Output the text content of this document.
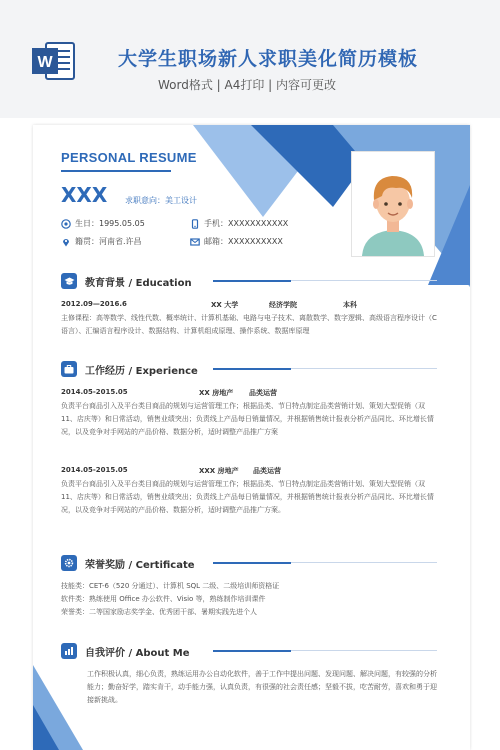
W	大学生职场新人求职美化简历模板
Word格式 | A4打印 | 内容可更改
PERSONAL RESUME
XXX 求职意向：美工设计
生日：1995.05.05	手机：XXXXXXXXXXX
籍贯：河南省.许昌	邮箱：XXXXXXXXXX
教育背景 / Education
2012.09—2016.6	XX 大学	经济学院	本科
主修课程：高等数学、线性代数、概率统计、计算机基础、电路与电子技术、离散数学、数字逻辑、高级语言程序设计（C 语言）、汇编语言程序设计、数据结构、计算机组成原理、操作系统、数据库原理
工作经历 / Experience
2014.05-2015.05	XX 房地产 品类运营
负责平台商品引入及平台类目商品的规划与运营管理工作；根据品类、节日特点制定品类营销计划、策划大型促销（双 11、店庆等）和日常活动，销售业绩突出；负责线上产品每日销量情况，并根据销售统计报表分析产品同比、环比增长情况，以及竞争对手网站的产品价格、数据分析，适时调整产品推广方案
2014.05-2015.05	XXX 房地产 品类运营
负责平台商品引入及平台类目商品的规划与运营管理工作；根据品类、节日特点制定品类营销计划、策划大型促销（双 11、店庆等）和日常活动，销售业绩突出；负责线上产品每日销量情况，并根据销售统计报表分析产品同比、环比增长情况，以及竞争对手网站的产品价格、数据分析，适时调整产品推广方案。
荣誉奖励 / Certificate
技能类：CET-6（520 分通过）、计算机 SQL 二级、二级培训师资格证
软件类：熟练使用 Office 办公软件、Visio 等，熟练制作培训课件
荣誉类：二等国家励志奖学金、优秀团干部、暑期实践先进个人
自我评价 / About Me
工作积极认真，细心负责，熟练运用办公自动化软件，善于工作中提出问题、发现问题、解决问题，有较强的分析能力；勤奋好学，踏实肯干，动手能力强，认真负责，有很强的社会责任感；坚毅不拔，吃苦耐劳，喜欢和勇于迎接新挑战。
